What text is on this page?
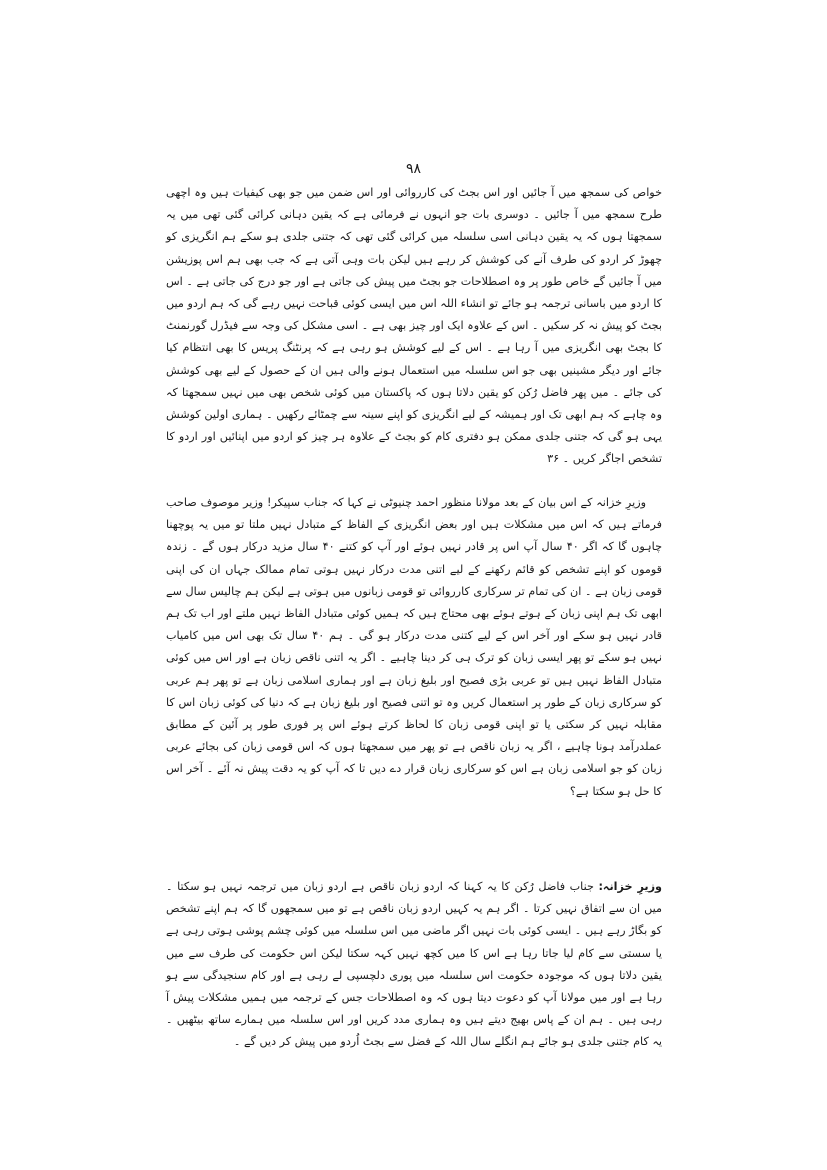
۹۸

خواص کی سمجھ میں آ جائیں اور اس بجٹ کی کارروائی اور اس ضمن میں جو بھی کیفیات ہیں وہ اچھی طرح سمجھ میں آ جائیں ۔ دوسری بات جو انہوں نے فرمائی ہے کہ یقین دہانی کرائی گئی تھی میں یہ سمجھتا ہوں کہ یہ یقین دہانی اسی سلسلہ میں کرائی گئی تھی کہ جتنی جلدی ہو سکے ہم انگریزی کو چھوڑ کر اردو کی طرف آنے کی کوشش کر رہے ہیں لیکن بات وہی آتی ہے کہ جب بھی ہم اس پوزیشن میں آ جائیں گے خاص طور پر وہ اصطلاحات جو بجٹ میں پیش کی جاتی ہے اور جو درج کی جاتی ہے ۔ اس کا اردو میں باسانی ترجمہ ہو جائے تو انشاء اللہ اس میں ایسی کوئی قباحت نہیں رہے گی کہ ہم اردو میں بجٹ کو پیش نہ کر سکیں ۔ اس کے علاوہ ایک اور چیز بھی ہے ۔ اسی مشکل کی وجہ سے فیڈرل گورنمنٹ کا بجٹ بھی انگریزی میں آ رہا ہے ۔ اس کے لیے کوشش ہو رہی ہے کہ پرنٹنگ پریس کا بھی انتظام کیا جائے اور دیگر مشینیں بھی جو اس سلسلہ میں استعمال ہونے والی ہیں ان کے حصول کے لیے بھی کوشش کی جائے ۔ میں پھر فاضل رُکن کو یقین دلاتا ہوں کہ پاکستان میں کوئی شخص بھی میں نہیں سمجھتا کہ وہ چاہے کہ ہم ابھی تک اور ہمیشہ کے لیے انگریزی کو اپنے سینہ سے چمٹائے رکھیں ۔ ہماری اولین کوشش یہی ہو گی کہ جتنی جلدی ممکن ہو دفتری کام کو بجٹ کے علاوہ ہر چیز کو اردو میں اپنائیں اور اردو کا تشخص اجاگر کریں ۔ ۳۶

وزیرِ خزانہ کے اس بیان کے بعد مولانا منظور احمد چنیوٹی نے کہا کہ جناب سپیکر! وزیر موصوف صاحب فرماتے ہیں کہ اس میں مشکلات ہیں اور بعض انگریزی کے الفاظ کے متبادل نہیں ملتا تو میں یہ پوچھنا چاہوں گا کہ اگر ۴۰ سال آپ اس پر قادر نہیں ہوئے اور آپ کو کتنے ۴۰ سال مزید درکار ہوں گے ۔ زندہ قوموں کو اپنے تشخص کو قائم رکھنے کے لیے اتنی مدت درکار نہیں ہوتی تمام ممالک جہاں ان کی اپنی قومی زبان ہے ۔ ان کی تمام تر سرکاری کارروائی تو قومی زبانوں میں ہوتی ہے لیکن ہم چالیس سال سے ابھی تک ہم اپنی زبان کے ہوتے ہوئے بھی محتاج ہیں کہ ہمیں کوئی متبادل الفاظ نہیں ملتے اور اب تک ہم قادر نہیں ہو سکے اور آخر اس کے لیے کتنی مدت درکار ہو گی ۔ ہم ۴۰ سال تک بھی اس میں کامیاب نہیں ہو سکے تو پھر ایسی زبان کو ترک ہی کر دینا چاہیے ۔ اگر یہ اتنی ناقص زبان ہے اور اس میں کوئی متبادل الفاظ نہیں ہیں تو عربی بڑی فصیح اور بلیغ زبان ہے اور ہماری اسلامی زبان ہے تو پھر ہم عربی کو سرکاری زبان کے طور پر استعمال کریں وہ تو اتنی فصیح اور بلیغ زبان ہے کہ دنیا کی کوئی زبان اس کا مقابلہ نہیں کر سکتی یا تو اپنی قومی زبان کا لحاظ کرتے ہوئے اس پر فوری طور پر آئین کے مطابق عملدرآمد ہونا چاہیے ، اگر یہ زبان ناقص ہے تو پھر میں سمجھتا ہوں کہ اس قومی زبان کی بجائے عربی زبان کو جو اسلامی زبان ہے اس کو سرکاری زبان قرار دے دیں تا کہ آپ کو یہ دقت پیش نہ آئے ۔ آخر اس کا حل ہو سکتا ہے؟

وزیرِ خزانہ: جناب فاضل رُکن کا یہ کہنا کہ اردو زبان ناقص ہے اردو زبان میں ترجمہ نہیں ہو سکتا ۔ میں ان سے اتفاق نہیں کرتا ۔ اگر ہم یہ کہیں اردو زبان ناقص ہے تو میں سمجھوں گا کہ ہم اپنے تشخص کو بگاڑ رہے ہیں ۔ ایسی کوئی بات نہیں اگر ماضی میں اس سلسلہ میں کوئی چشم پوشی ہوتی رہی ہے یا سستی سے کام لیا جاتا رہا ہے اس کا میں کچھ نہیں کہہ سکتا لیکن اس حکومت کی طرف سے میں یقین دلاتا ہوں کہ موجودہ حکومت اس سلسلہ میں پوری دلچسپی لے رہی ہے اور کام سنجیدگی سے ہو رہا ہے اور میں مولانا آپ کو دعوت دیتا ہوں کہ وہ اصطلاحات جس کے ترجمہ میں ہمیں مشکلات پیش آ رہی ہیں ۔ ہم ان کے پاس بھیج دیتے ہیں وہ ہماری مدد کریں اور اس سلسلہ میں ہمارے ساتھ بیٹھیں ۔ یہ کام جتنی جلدی ہو جائے ہم انگلے سال اللہ کے فضل سے بجٹ اُردو میں پیش کر دیں گے ۔
